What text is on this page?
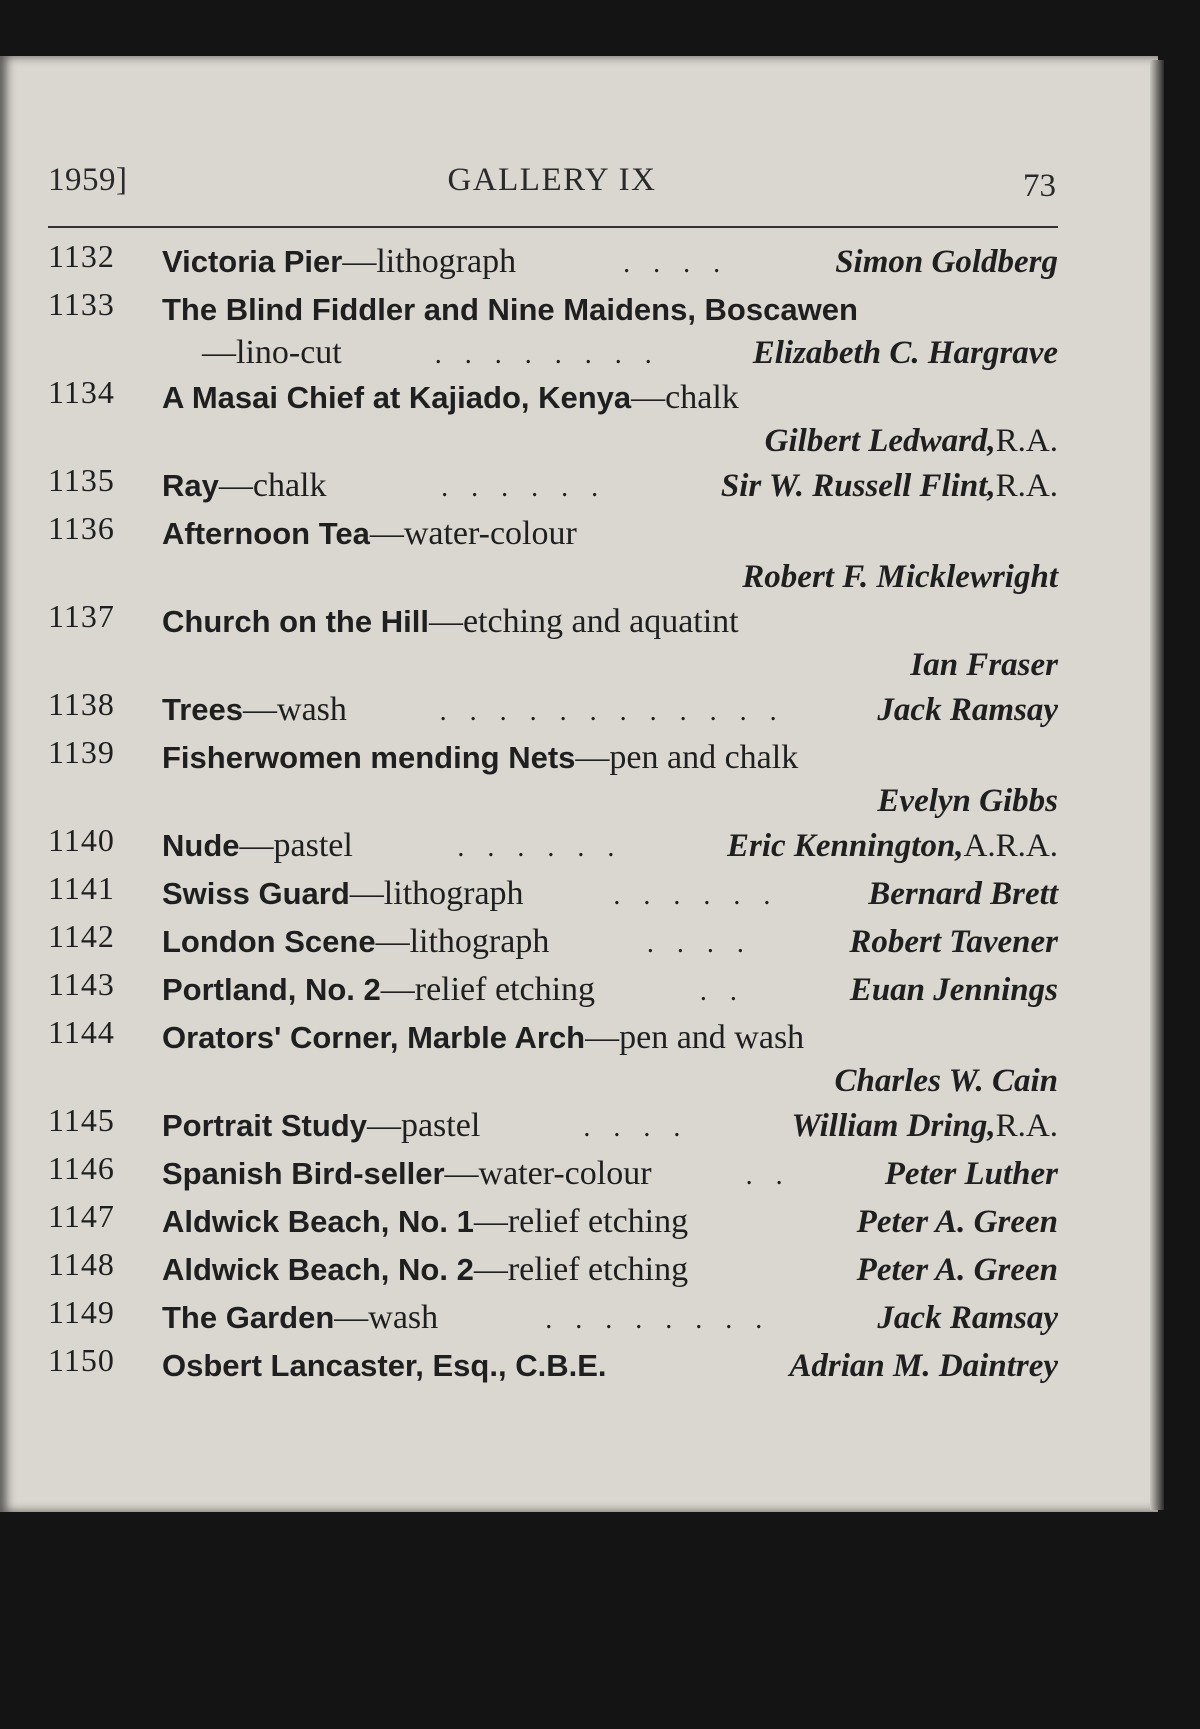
1959]	GALLERY IX	73
1132 Victoria Pier —lithograph	. . . .	Simon Goldberg
1133 The Blind Fiddler and Nine Maidens, Boscawen
—lino-cut	. . . . . . . .	Elizabeth C. Hargrave
1134 A Masai Chief at Kajiado, Kenya —chalk
Gilbert Ledward, R.A.
1135 Ray —chalk	. . . . . .	Sir W. Russell Flint, R.A.
1136 Afternoon Tea —water-colour
Robert F. Micklewright
1137 Church on the Hill —etching and aquatint
Ian Fraser
1138 Trees —wash	. . . . . . . . . . . .	Jack Ramsay
1139 Fisherwomen mending Nets —pen and chalk
Evelyn Gibbs
1140 Nude —pastel	. . . . . .	Eric Kennington, A.R.A.
1141 Swiss Guard —lithograph	. . . . . .	Bernard Brett
1142 London Scene —lithograph	. . . .	Robert Tavener
1143 Portland, No. 2 —relief etching	. .	Euan Jennings
1144 Orators' Corner, Marble Arch —pen and wash
Charles W. Cain
1145 Portrait Study —pastel	. . . .	William Dring, R.A.
1146 Spanish Bird-seller —water-colour	. .	Peter Luther
1147 Aldwick Beach, No. 1 —relief etching	Peter A. Green
1148 Aldwick Beach, No. 2 —relief etching	Peter A. Green
1149 The Garden —wash	. . . . . . . .	Jack Ramsay
1150 Osbert Lancaster, Esq., C.B.E.	Adrian M. Daintrey
